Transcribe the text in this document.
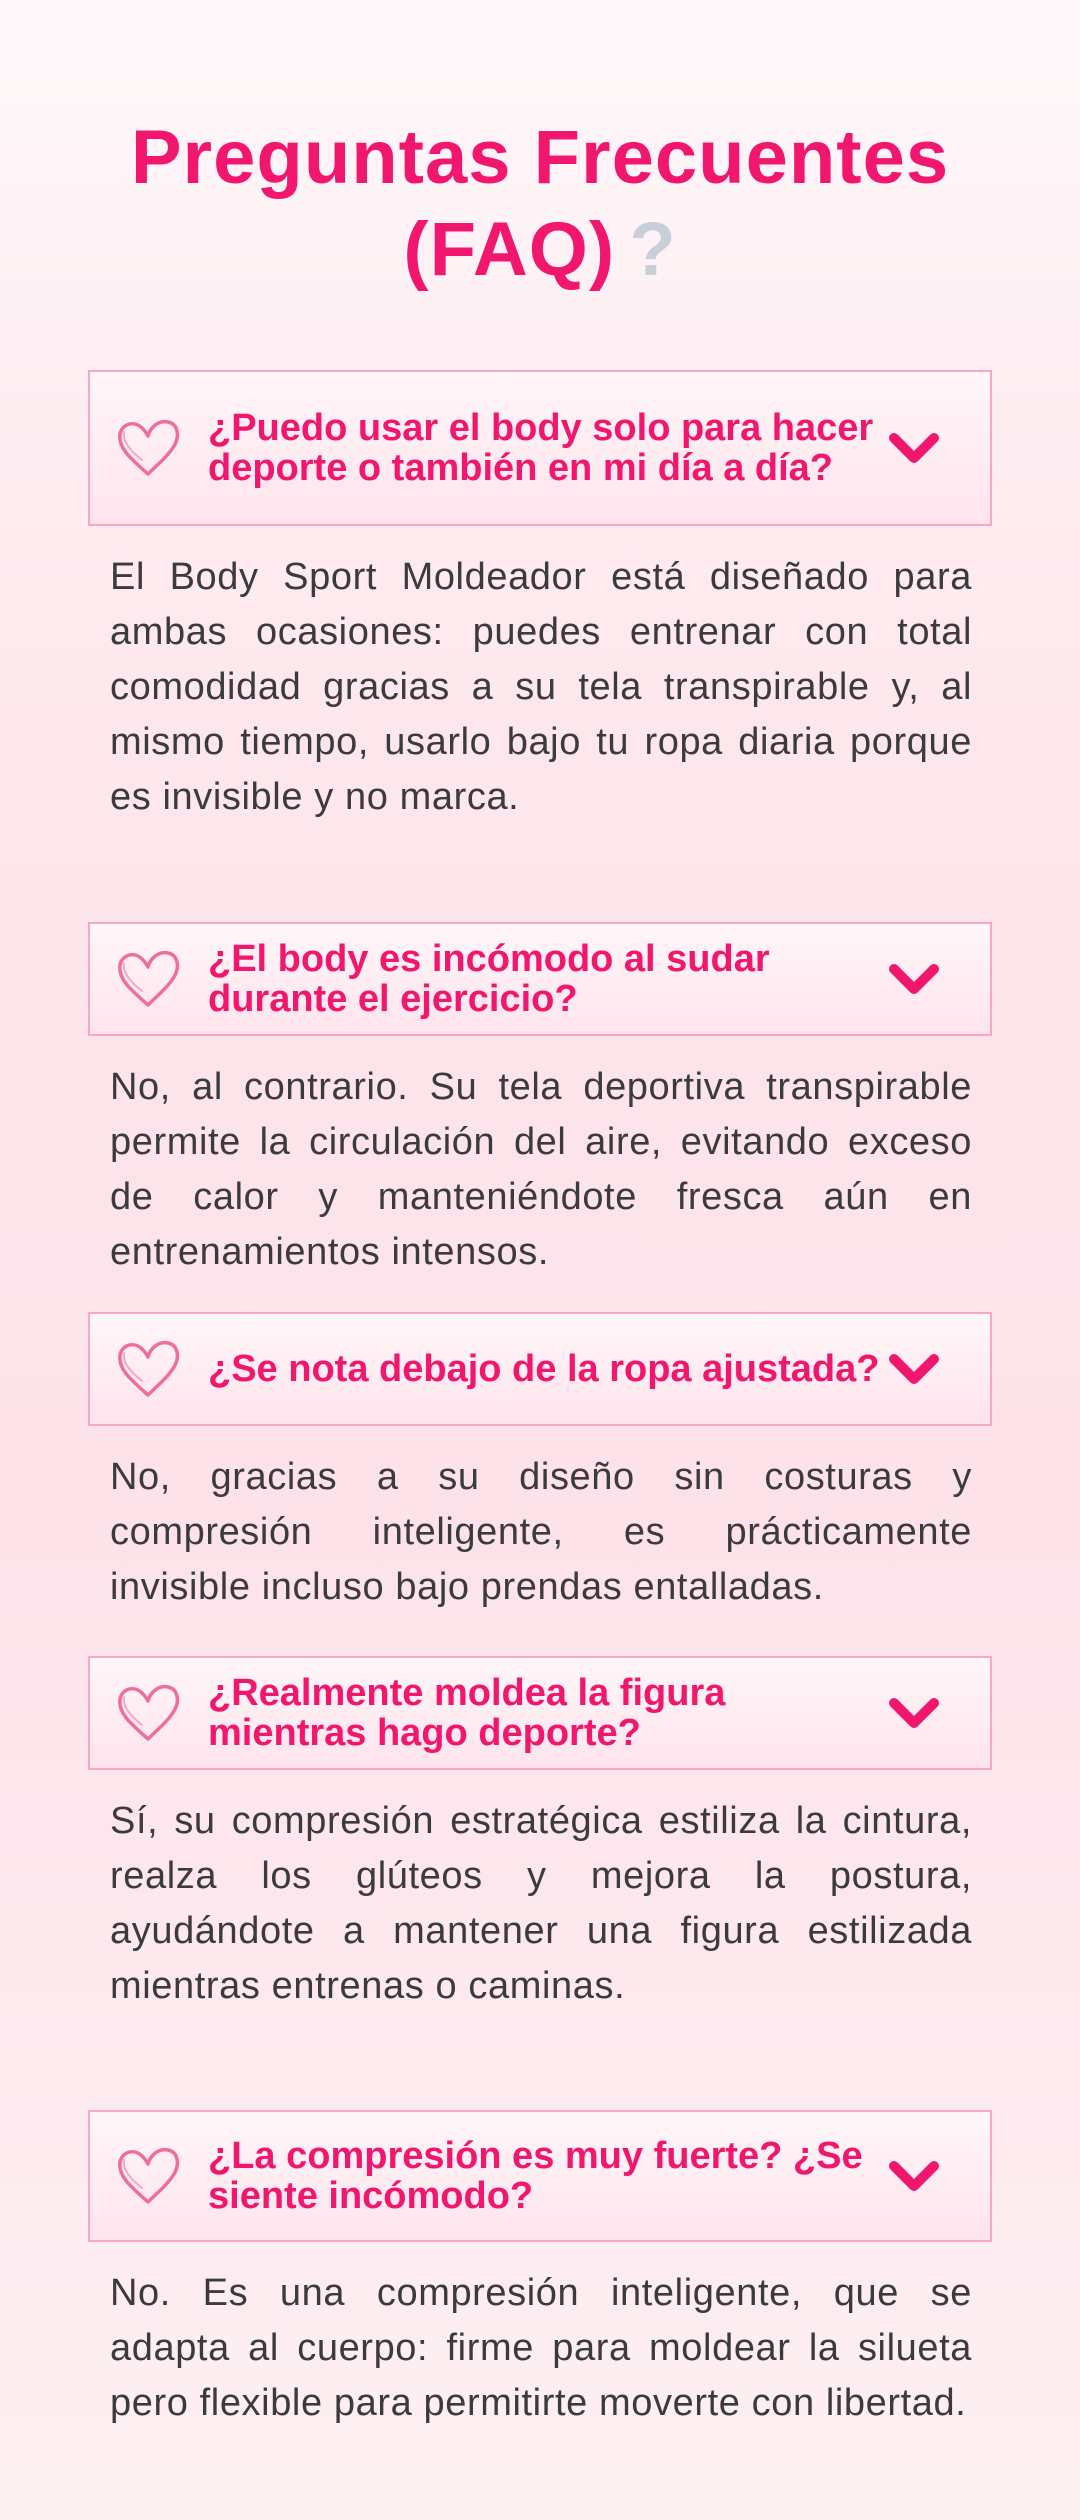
Preguntas Frecuentes
(FAQ) ?
¿Puedo usar el body solo para hacer deporte o también en mi día a día?

El Body Sport Moldeador está diseñado para ambas ocasiones: puedes entrenar con total comodidad gracias a su tela transpirable y, al mismo tiempo, usarlo bajo tu ropa diaria porque es invisible y no marca.

¿El body es incómodo al sudar durante el ejercicio?

No, al contrario. Su tela deportiva transpirable permite la circulación del aire, evitando exceso de calor y manteniéndote fresca aún en entrenamientos intensos.

¿Se nota debajo de la ropa ajustada?

No, gracias a su diseño sin costuras y compresión inteligente, es prácticamente invisible incluso bajo prendas entalladas.

¿Realmente moldea la figura mientras hago deporte?

Sí, su compresión estratégica estiliza la cintura, realza los glúteos y mejora la postura, ayudándote a mantener una figura estilizada mientras entrenas o caminas.

¿La compresión es muy fuerte? ¿Se siente incómodo?

No. Es una compresión inteligente, que se adapta al cuerpo: firme para moldear la silueta pero flexible para permitirte moverte con libertad.
